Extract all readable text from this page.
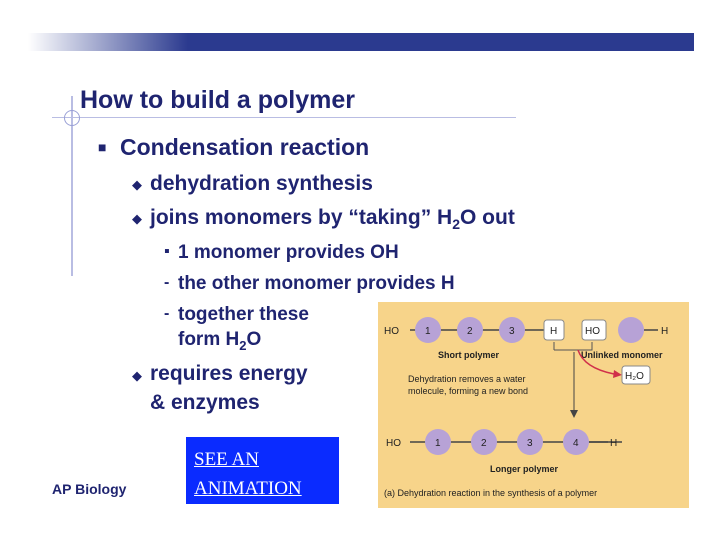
How to build a polymer
■ Condensation reaction
◆ dehydration synthesis
◆ joins monomers by “taking” $H_2O$ out
▪ 1 monomer provides OH
‑ the other monomer provides H
‑ together these
form $H_2O$
◆ requires energy
& enzymes
AP Biology
SEE AN
ANIMATION
HO	1	2	3	H
Short polymer
HO	H
Unlinked monomer
H₂O
Dehydration removes a water
molecule, forming a new bond
HO	1	2	3	4	H
Longer polymer
(a) Dehydration reaction in the synthesis of a polymer
